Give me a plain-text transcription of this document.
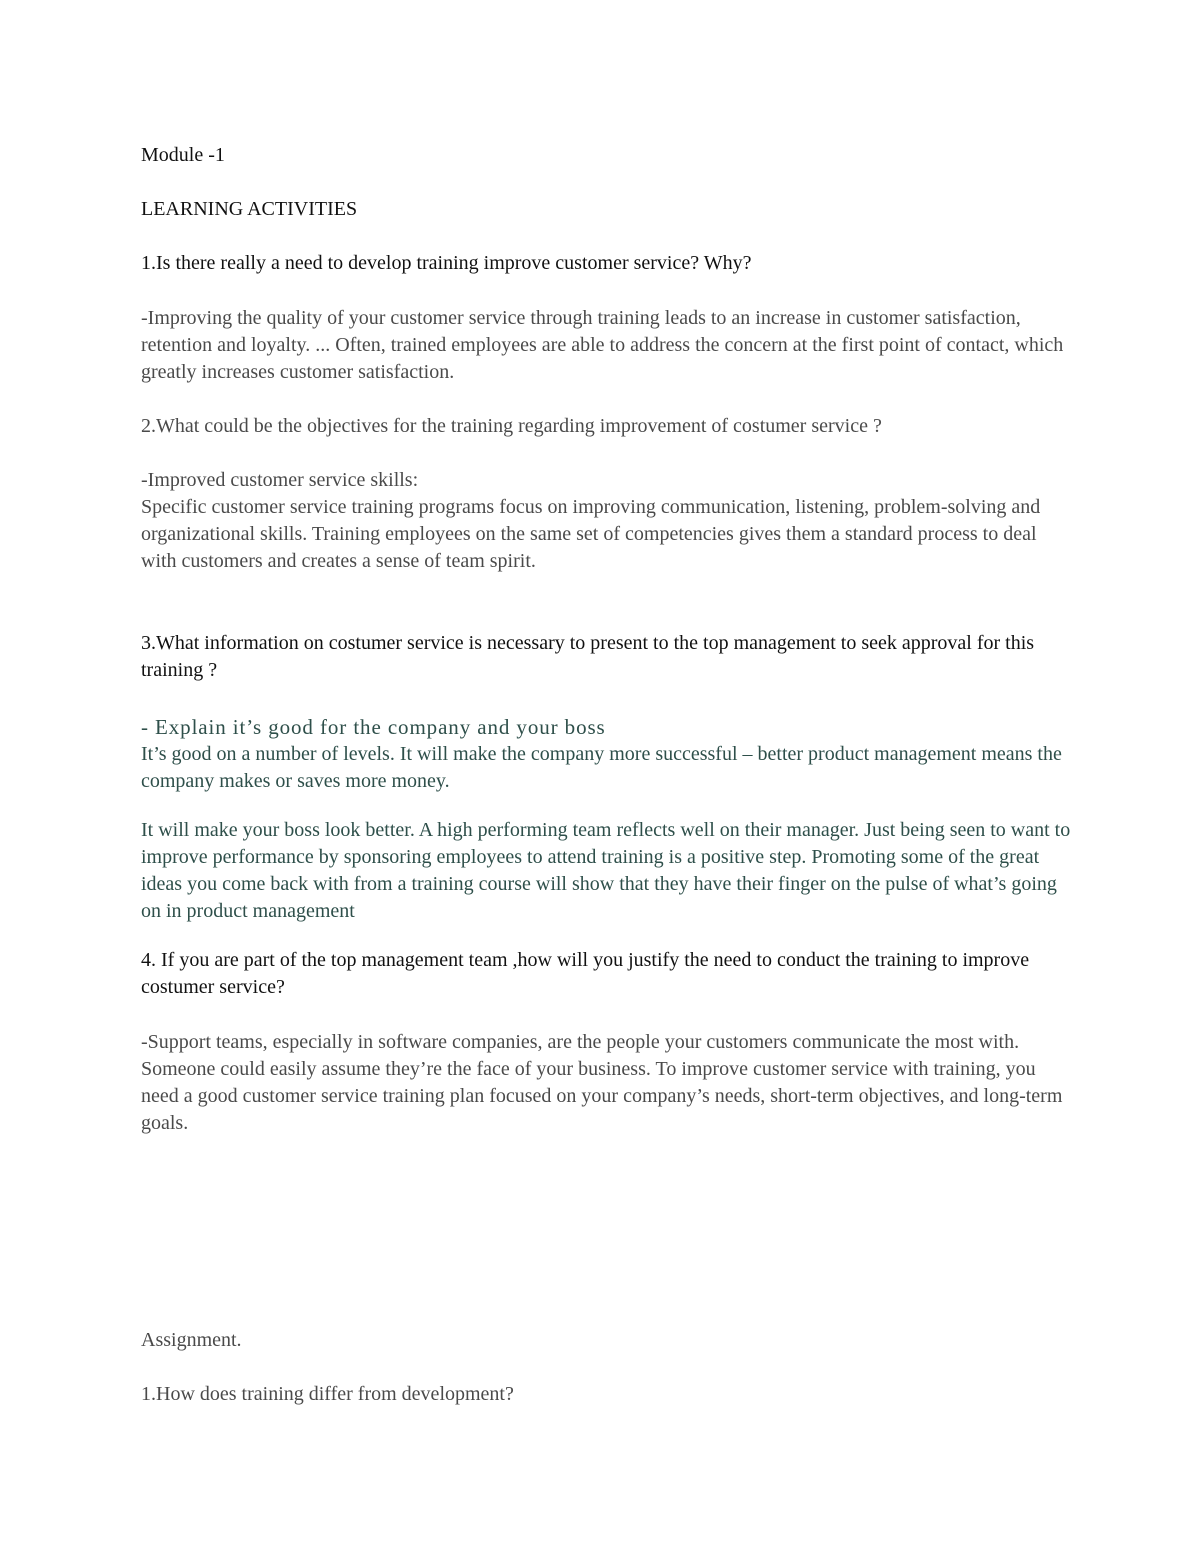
Module -1

LEARNING ACTIVITIES

1.Is there really a need to develop training improve customer service? Why?

-Improving the quality of your customer service through training leads to an increase in customer satisfaction, retention and loyalty. ... Often, trained employees are able to address the concern at the first point of contact, which greatly increases customer satisfaction.

2.What could be the objectives for the training regarding improvement of costumer service ?

-Improved customer service skills:

Specific customer service training programs focus on improving communication, listening, problem-solving and organizational skills. Training employees on the same set of competencies gives them a standard process to deal with customers and creates a sense of team spirit.

3.What information on costumer service is necessary to present to the top management to seek approval for this training ?

- Explain it’s good for the company and your boss

It’s good on a number of levels. It will make the company more successful – better product management means the company makes or saves more money.

It will make your boss look better. A high performing team reflects well on their manager. Just being seen to want to improve performance by sponsoring employees to attend training is a positive step. Promoting some of the great ideas you come back with from a training course will show that they have their finger on the pulse of what’s going on in product management

4. If you are part of the top management team ,how will you justify the need to conduct the training to improve costumer service?

-Support teams, especially in software companies, are the people your customers communicate the most with. Someone could easily assume they’re the face of your business. To improve customer service with training, you need a good customer service training plan focused on your company’s needs, short-term objectives, and long-term goals.

Assignment.

1.How does training differ from development?
